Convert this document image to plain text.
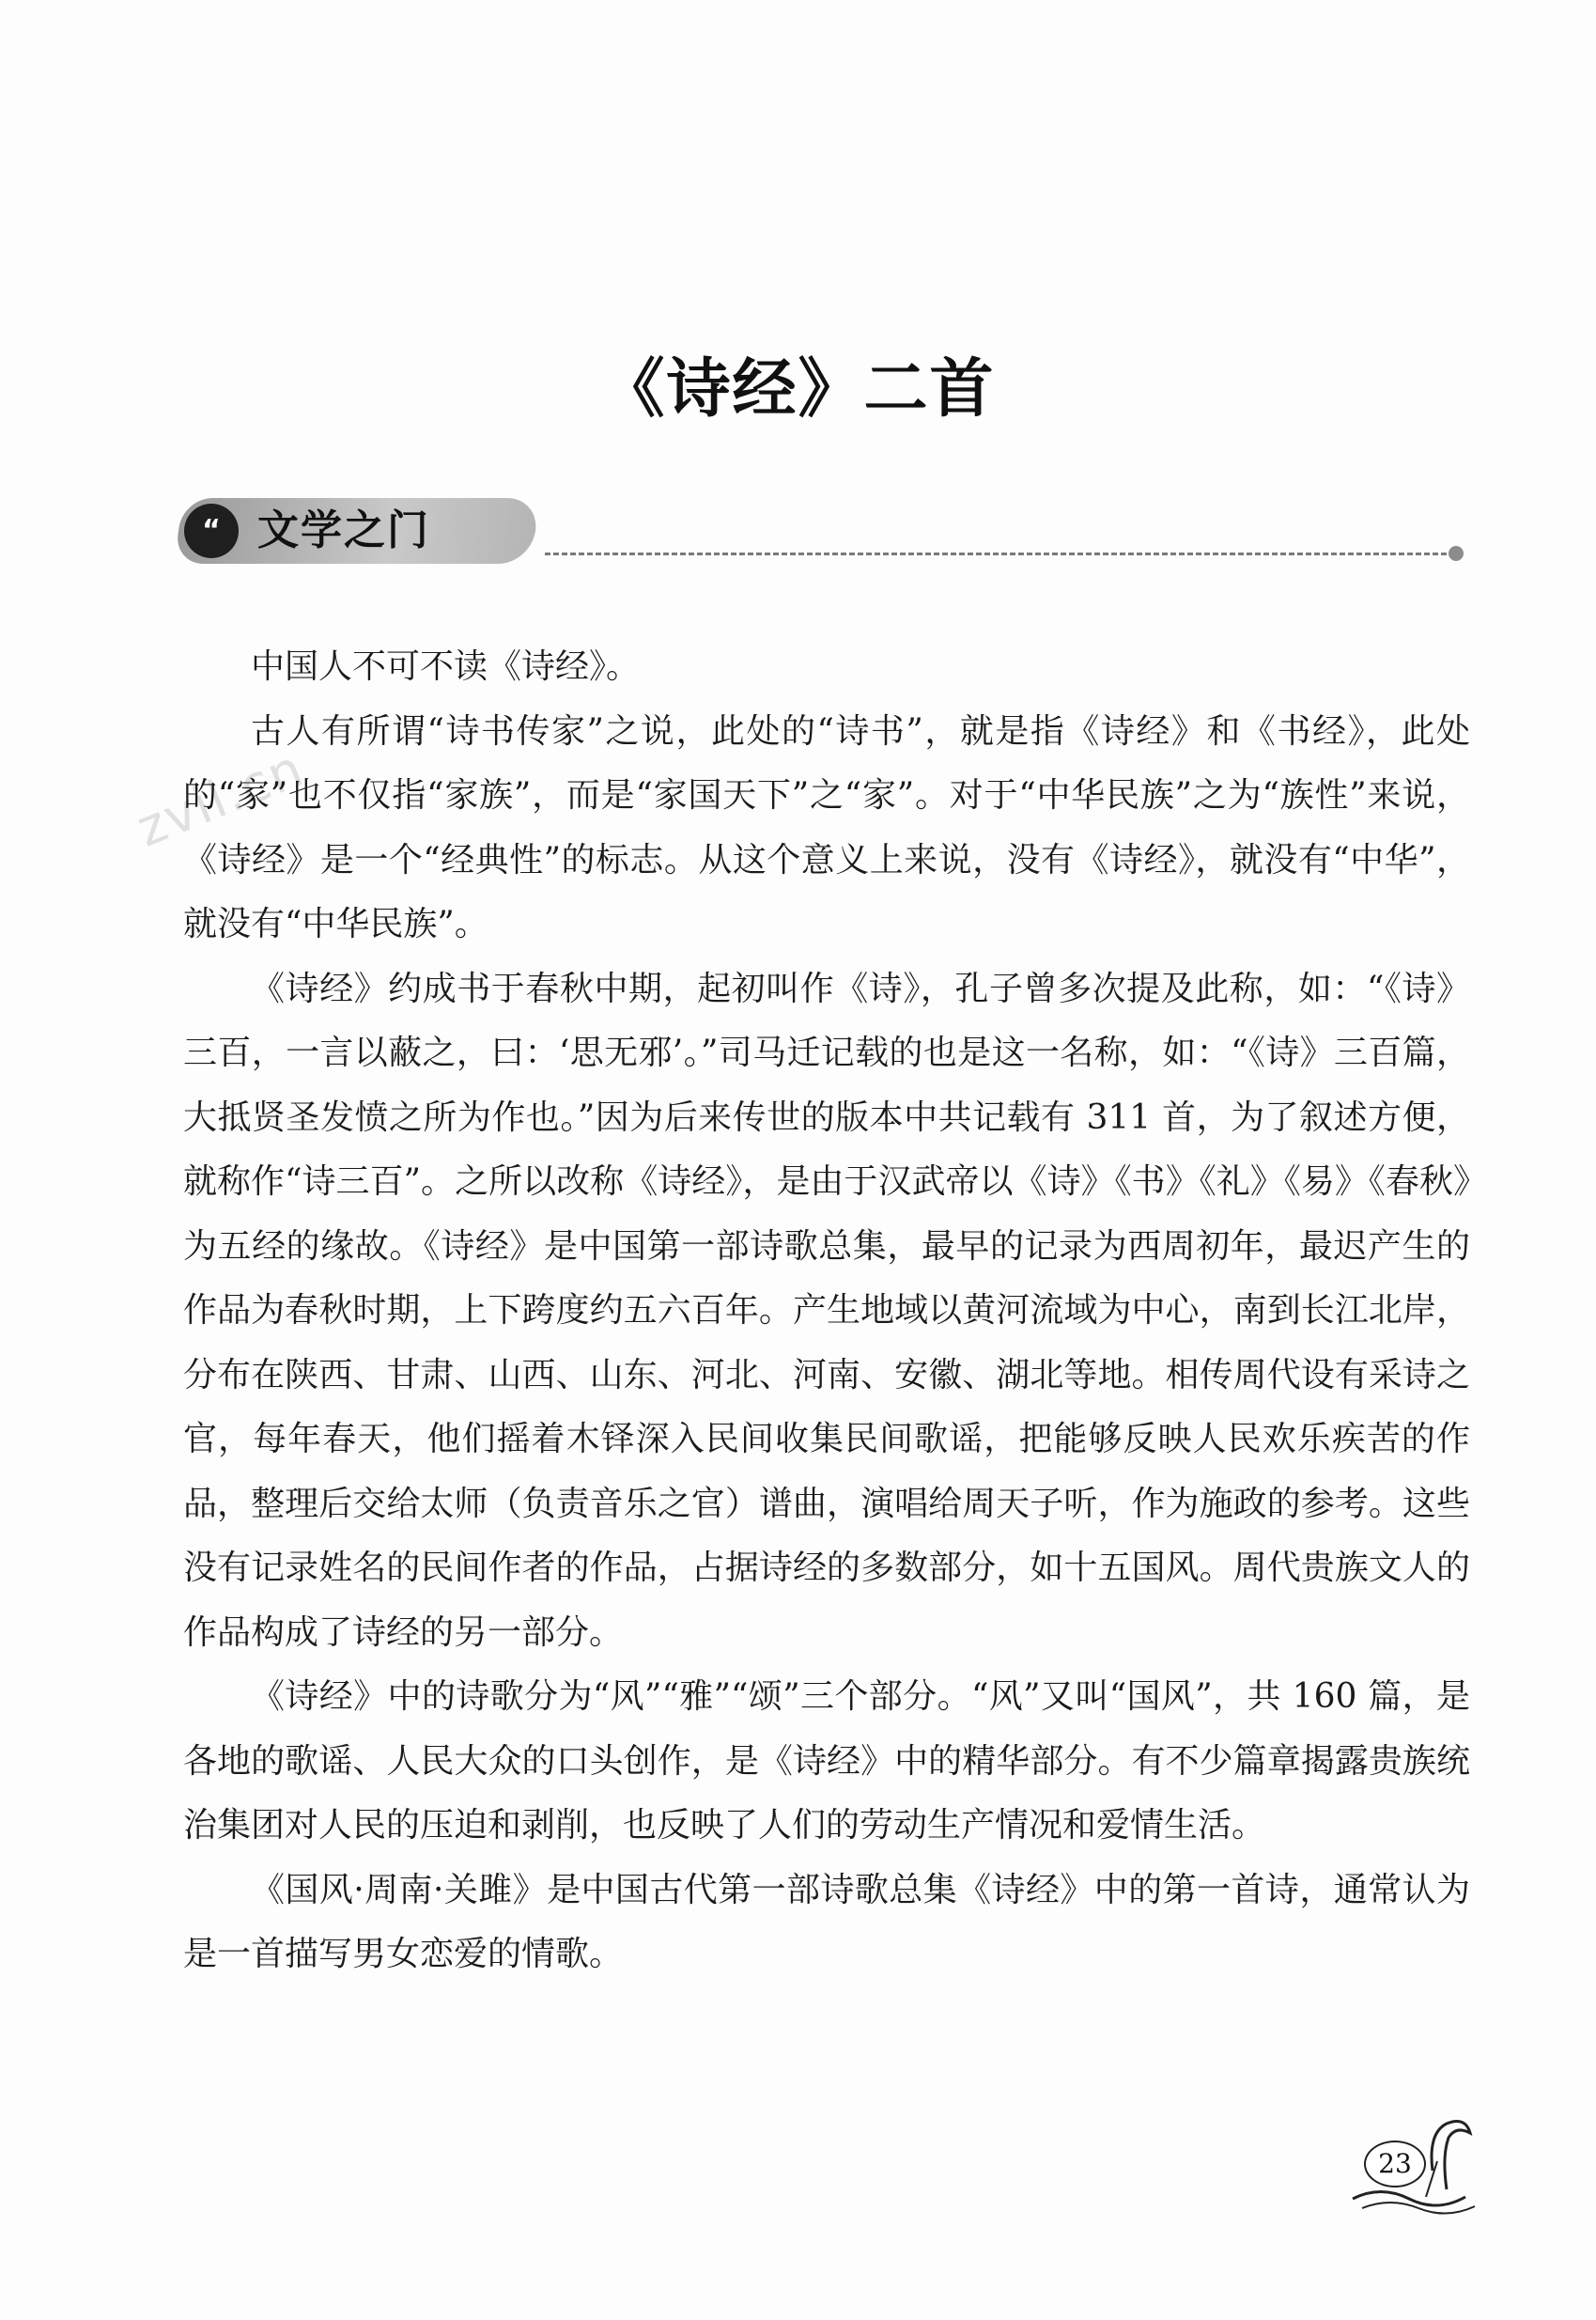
《诗经》二首
“ 文学之门
zvil.cn

中国人不可不读《诗经》。

古人有所谓“诗书传家”之说，此处的“诗书”，就是指《诗经》和《书经》，此处的“家”也不仅指“家族”，而是“家国天下”之“家”。对于“中华民族”之为“族性”来说，《诗经》是一个“经典性”的标志。从这个意义上来说，没有《诗经》，就没有“中华”，就没有“中华民族”。

《诗经》约成书于春秋中期，起初叫作《诗》，孔子曾多次提及此称，如：“《诗》三百，一言以蔽之，曰：‘思无邪’。”司马迁记载的也是这一名称，如：“《诗》三百篇，大抵贤圣发愤之所为作也。”因为后来传世的版本中共记载有 311 首，为了叙述方便，就称作“诗三百”。之所以改称《诗经》，是由于汉武帝以《诗》《书》《礼》《易》《春秋》为五经的缘故。《诗经》是中国第一部诗歌总集，最早的记录为西周初年，最迟产生的作品为春秋时期，上下跨度约五六百年。产生地域以黄河流域为中心，南到长江北岸，分布在陕西、甘肃、山西、山东、河北、河南、安徽、湖北等地。相传周代设有采诗之官，每年春天，他们摇着木铎深入民间收集民间歌谣，把能够反映人民欢乐疾苦的作品，整理后交给太师（负责音乐之官）谱曲，演唱给周天子听，作为施政的参考。这些没有记录姓名的民间作者的作品，占据诗经的多数部分，如十五国风。周代贵族文人的作品构成了诗经的另一部分。

《诗经》中的诗歌分为“风”“雅”“颂”三个部分。“风”又叫“国风”，共 160 篇，是各地的歌谣、人民大众的口头创作，是《诗经》中的精华部分。有不少篇章揭露贵族统治集团对人民的压迫和剥削，也反映了人们的劳动生产情况和爱情生活。

《国风·周南·关雎》是中国古代第一部诗歌总集《诗经》中的第一首诗，通常认为是一首描写男女恋爱的情歌。

23
